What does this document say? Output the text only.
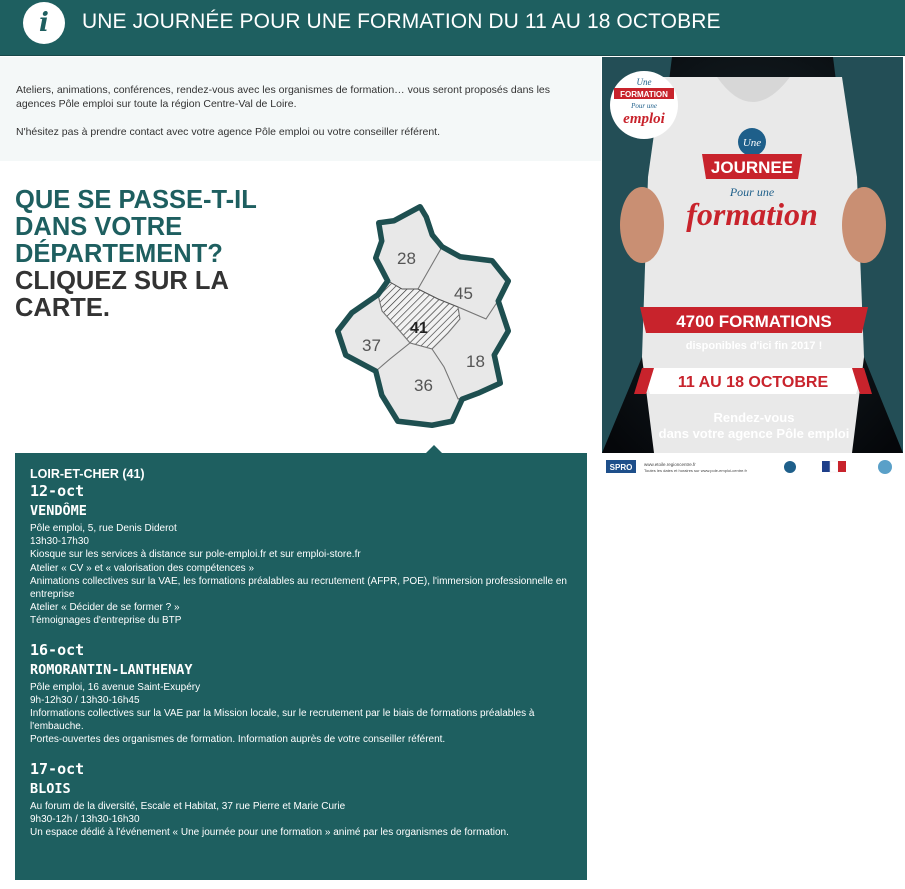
i	UNE JOURNÉE POUR UNE FORMATION DU 11 AU 18 OCTOBRE

Ateliers, animations, conférences, rendez-vous avec les organismes de formation… vous seront proposés dans les agences Pôle emploi sur toute la région Centre-Val de Loire.

N'hésitez pas à prendre contact avec votre agence Pôle emploi ou votre conseiller référent.

QUE SE PASSE-T-IL DANS VOTRE DÉPARTEMENT?
CLIQUEZ SUR LA CARTE.
28
45
41
37
18
36
Une
FORMATION
Pour une
emploi
Une
JOURNEE
Pour une
formation
4700 FORMATIONS
disponibles d'ici fin 2017 !
11 AU 18 OCTOBRE
Rendez-vous
dans votre agence Pôle emploi
SPRO	www.etoile.regioncentre.fr
Toutes les dates et horaires sur www.pole-emploi-centre.fr
LOIR-ET-CHER (41)
12-oct
VENDÔME
Pôle emploi, 5, rue Denis Diderot
13h30-17h30
Kiosque sur les services à distance sur pole-emploi.fr et sur emploi-store.fr
Atelier « CV » et « valorisation des compétences »
Animations collectives sur la VAE, les formations préalables au recrutement (AFPR, POE), l'immersion professionnelle en entreprise
Atelier « Décider de se former ? »
Témoignages d'entreprise du BTP
16-oct
ROMORANTIN-LANTHENAY
Pôle emploi, 16 avenue Saint-Exupéry
9h-12h30 / 13h30-16h45
Informations collectives sur la VAE par la Mission locale, sur le recrutement par le biais de formations préalables à l'embauche.
Portes-ouvertes des organismes de formation. Information auprès de votre conseiller référent.
17-oct
BLOIS
Au forum de la diversité, Escale et Habitat, 37 rue Pierre et Marie Curie
9h30-12h / 13h30-16h30
Un espace dédié à l'événement « Une journée pour une formation » animé par les organismes de formation.
